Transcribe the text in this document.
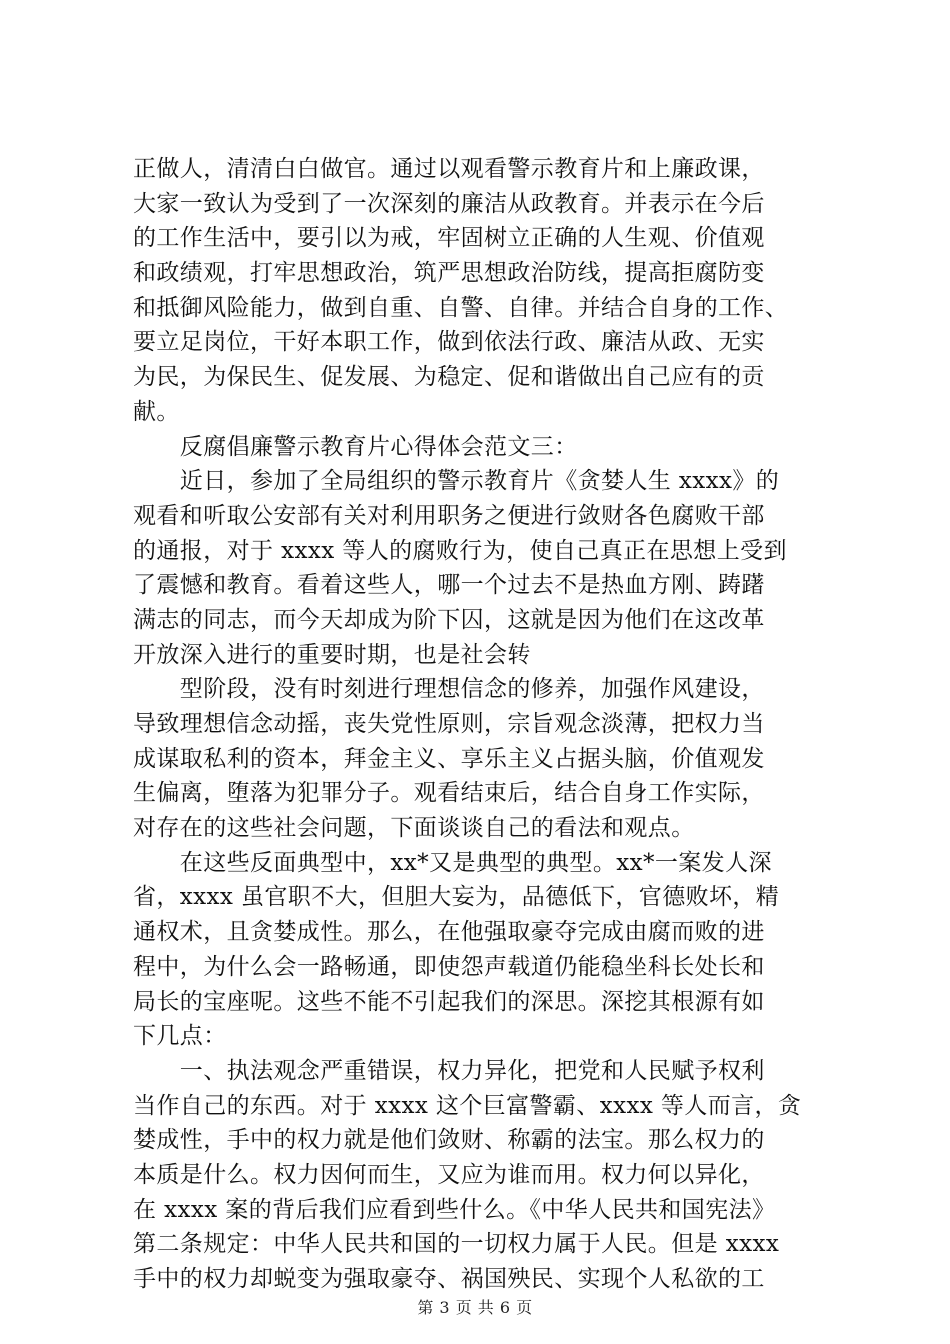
正做人，清清白白做官。通过以观看警示教育片和上廉政课，
大家一致认为受到了一次深刻的廉洁从政教育。并表示在今后
的工作生活中，要引以为戒，牢固树立正确的人生观、价值观
和政绩观，打牢思想政治，筑严思想政治防线，提高拒腐防变
和抵御风险能力，做到自重、自警、自律。并结合自身的工作、
要立足岗位，干好本职工作，做到依法行政、廉洁从政、无实
为民，为保民生、促发展、为稳定、促和谐做出自己应有的贡
献。
　　反腐倡廉警示教育片心得体会范文三：
　　近日，参加了全局组织的警示教育片《贪婪人生 xxxx》的
观看和听取公安部有关对利用职务之便进行敛财各色腐败干部
的通报，对于 xxxx 等人的腐败行为，使自己真正在思想上受到
了震憾和教育。看着这些人，哪一个过去不是热血方刚、踌躇
满志的同志，而今天却成为阶下囚，这就是因为他们在这改革
开放深入进行的重要时期，也是社会转
　　型阶段，没有时刻进行理想信念的修养，加强作风建设，
导致理想信念动摇，丧失党性原则，宗旨观念淡薄，把权力当
成谋取私利的资本，拜金主义、享乐主义占据头脑，价值观发
生偏离，堕落为犯罪分子。观看结束后，结合自身工作实际，
对存在的这些社会问题，下面谈谈自己的看法和观点。
　　在这些反面典型中，xx*又是典型的典型。xx*一案发人深
省，xxxx 虽官职不大，但胆大妄为，品德低下，官德败坏，精
通权术，且贪婪成性。那么，在他强取豪夺完成由腐而败的进
程中，为什么会一路畅通，即使怨声载道仍能稳坐科长处长和
局长的宝座呢。这些不能不引起我们的深思。深挖其根源有如
下几点：
　　一、执法观念严重错误，权力异化，把党和人民赋予权利
当作自己的东西。对于 xxxx 这个巨富警霸、xxxx 等人而言，贪
婪成性，手中的权力就是他们敛财、称霸的法宝。那么权力的
本质是什么。权力因何而生，又应为谁而用。权力何以异化，
在 xxxx 案的背后我们应看到些什么。《中华人民共和国宪法》
第二条规定：中华人民共和国的一切权力属于人民。但是 xxxx
手中的权力却蜕变为强取豪夺、祸国殃民、实现个人私欲的工
第 3 页 共 6 页
